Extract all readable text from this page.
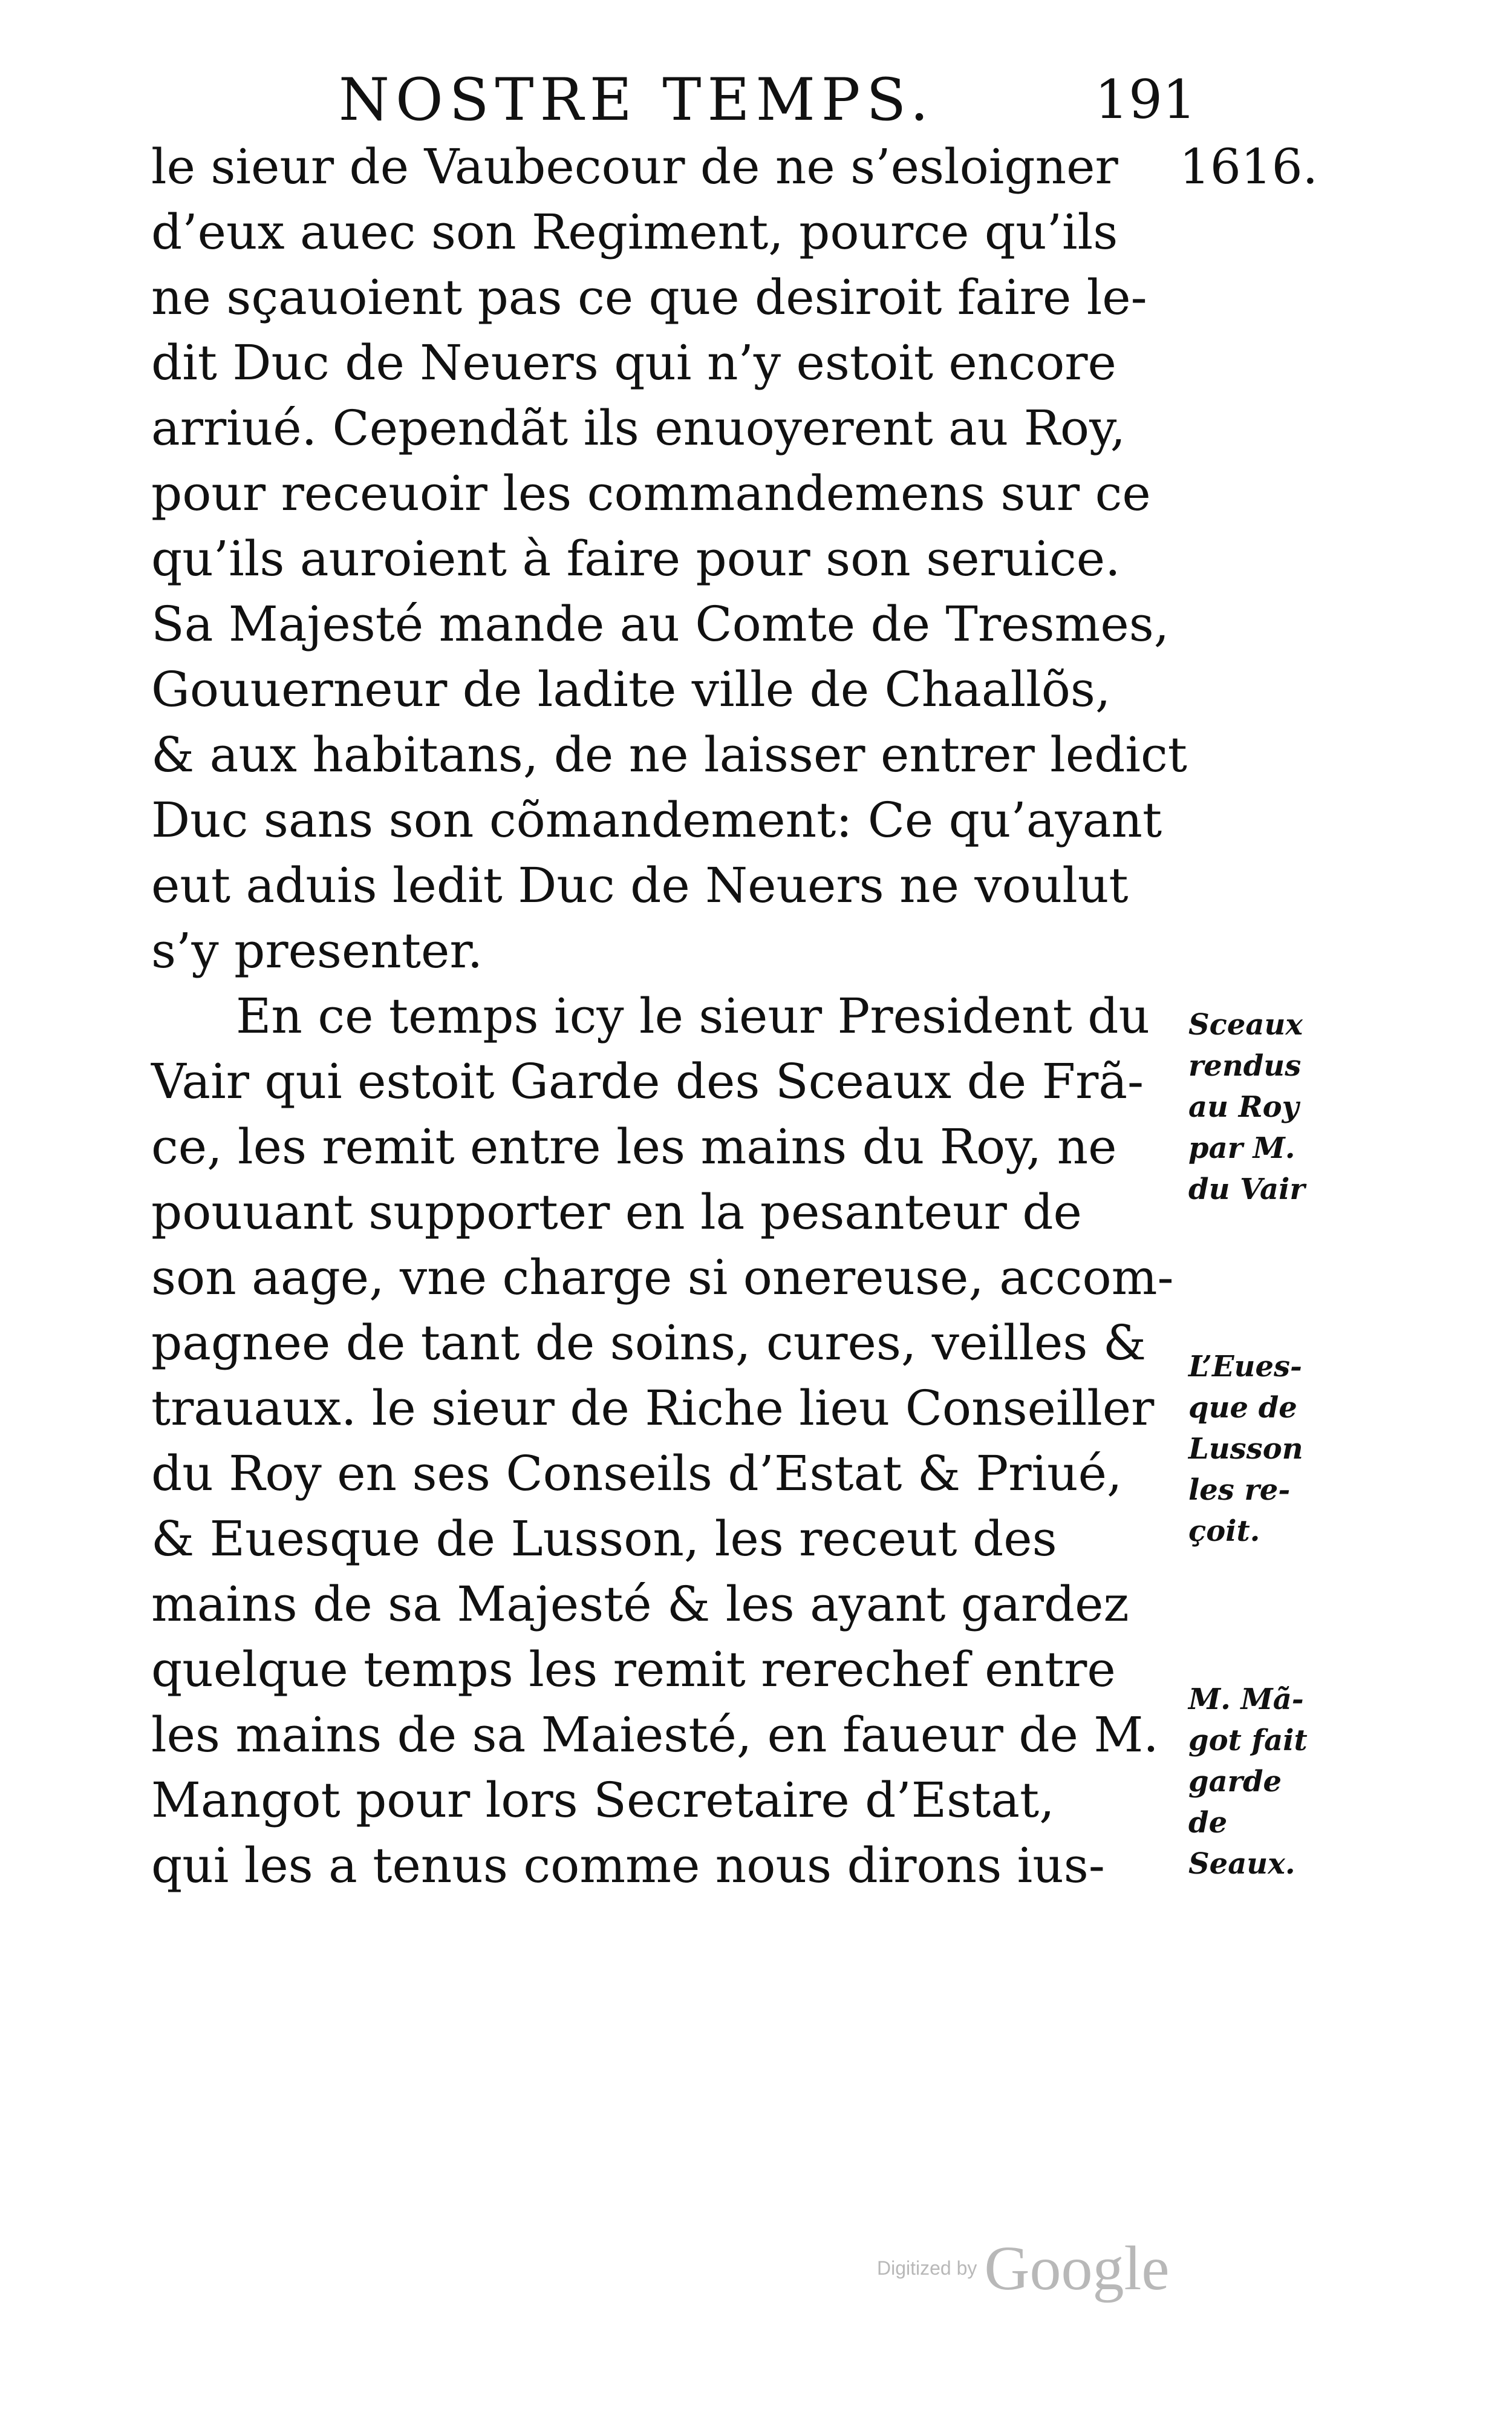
NOSTRE TEMPS.	191
1616.
le sieur de Vaubecour de ne s’esloigner
d’eux auec son Regiment, pource qu’ils
ne sçauoient pas ce que desiroit faire le-
dit Duc de Neuers qui n’y estoit encore
arriué. Cependãt ils enuoyerent au Roy,
pour receuoir les commandemens sur ce
qu’ils auroient à faire pour son seruice.
Sa Majesté mande au Comte de Tresmes,
Gouuerneur de ladite ville de Chaallõs,
& aux habitans, de ne laisser entrer ledict
Duc sans son cõmandement: Ce qu’ayant
eut aduis ledit Duc de Neuers ne voulut
s’y presenter.
En ce temps icy le sieur President du
Vair qui estoit Garde des Sceaux de Frã-
ce, les remit entre les mains du Roy, ne
pouuant supporter en la pesanteur de
son aage, vne charge si onereuse, accom-
pagnee de tant de soins, cures, veilles &
trauaux. le sieur de Riche lieu Conseiller
du Roy en ses Conseils d’Estat & Priué,
& Euesque de Lusson, les receut des
mains de sa Majesté & les ayant gardez
quelque temps les remit rerechef entre
les mains de sa Maiesté, en faueur de M.
Mangot pour lors Secretaire d’Estat,
qui les a tenus comme nous dirons ius-
Sceaux
rendus
au Roy
par M.
du Vair
L’Eues-
que de
Lusson
les re-
çoit.
M. Mã-
got fait
garde
de
Seaux.
Digitized by Google
